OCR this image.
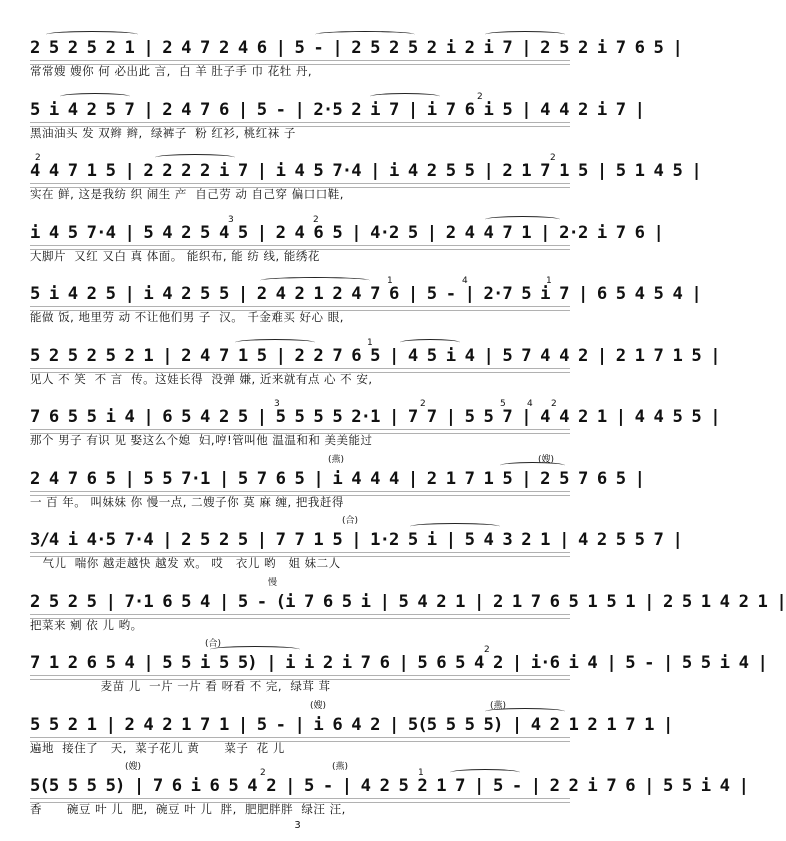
2 5 2 5 2 1 | 2 4 7 2 4 6 | 5 - | 2 5 2 5 2 i 2 i 7 | 2 5 2 i 7 6 5 |
常常嫂 嫂你 何 必出此 言,  白 羊 肚子手 巾 花牡 丹,
2
5 i 4 2 5 7 | 2 4 7 6 | 5 - | 2·5 2 i 7 | i 7 6 i 5 | 4 4 2 i 7 |
黑油油头 发 双辫 辫,  绿裤子  粉 红衫, 桃红袜 子
2	2
4 4 7 1 5 | 2 2 2 2 i 7 | i 4 5 7·4 | i 4 2 5 5 | 2 1 7 1 5 | 5 1 4 5 |
实在 鲜, 这是我纺 织 闹生 产  自己劳 动 自己穿 偏口口鞋,
3	2
i 4 5 7·4 | 5 4 2 5 4 5 | 2 4 6 5 | 4·2 5 | 2 4 4 7 1 | 2·2 i 7 6 |
大脚片  又红 又白 真 体面。 能织布, 能 纺 线, 能绣花
1	4	1
5 i 4 2 5 | i 4 2 5 5 | 2 4 2 1 2 4 7 6 | 5 - | 2·7 5 i 7 | 6 5 4 5 4 |
能做 饭, 地里劳 动 不让他们男 子  汉。 千金难买 好心 眼,
1
5 2 5 2 5 2 1 | 2 4 7 1 5 | 2 2 7 6 5 | 4 5 i 4 | 5 7 4 4 2 | 2 1 7 1 5 |
见人 不 笑  不 言  传。这娃长得  没弹 嫌, 近来就有点 心 不 安,
3	2	5 4 2
7 6 5 5 i 4 | 6 5 4 2 5 | 5 5 5 5 2·1 | 7 7 | 5 5 7 | 4 4 2 1 | 4 4 5 5 |
那个 男子 有识 见 娶这么个媳  妇,哼!管叫他 温温和和 美美能过
(燕)	(嫂)
2 4 7 6 5 | 5 5 7·1 | 5 7 6 5 | i 4 4 4 | 2 1 7 1 5 | 2 5 7 6 5 |
一 百 年。 叫妹妹 你 慢一点, 二嫂子你 莫 麻 缠, 把我赶得
(合)
3/4 i 4·5 7·4 | 2 5 2 5 | 7 7 1 5 | 1·2 5 i | 5 4 3 2 1 | 4 2 5 5 7 |
气儿  喘你 越走越快 越发 欢。 哎   衣儿 哟   姐 妹二人
慢
2 5 2 5 | 7·1 6 5 4 | 5 - (i 7 6 5 i | 5 4 2 1 | 2 1 7 6 5 1 5 1 | 2 5 1 4 2 1 |
把菜来 剜 依 儿 哟。
(合)
2
7 1 2 6 5 4 | 5 5 i 5 5) | i i 2 i 7 6 | 5 6 5 4 2 | i·6 i 4 | 5 - | 5 5 i 4 |
麦苗 儿  一片 一片 看 呀看 不 完,  绿茸 茸
(嫂)	(燕)
5 5 2 1 | 2 4 2 1 7 1 | 5 - | i 6 4 2 | 5(5 5 5 5) | 4 2 1 2 1 7 1 |
遍地  接住了   天,  菜子花儿 黄      菜子  花 儿
(嫂)
2
(燕)
1
5(5 5 5 5) | 7 6 i 6 5 4 2 | 5 - | 4 2 5 2 1 7 | 5 - | 2 2 i 7 6 | 5 5 i 4 |
香      碗豆 叶 儿  肥,  碗豆 叶 儿  胖,  肥肥胖胖  绿汪 汪,
3
